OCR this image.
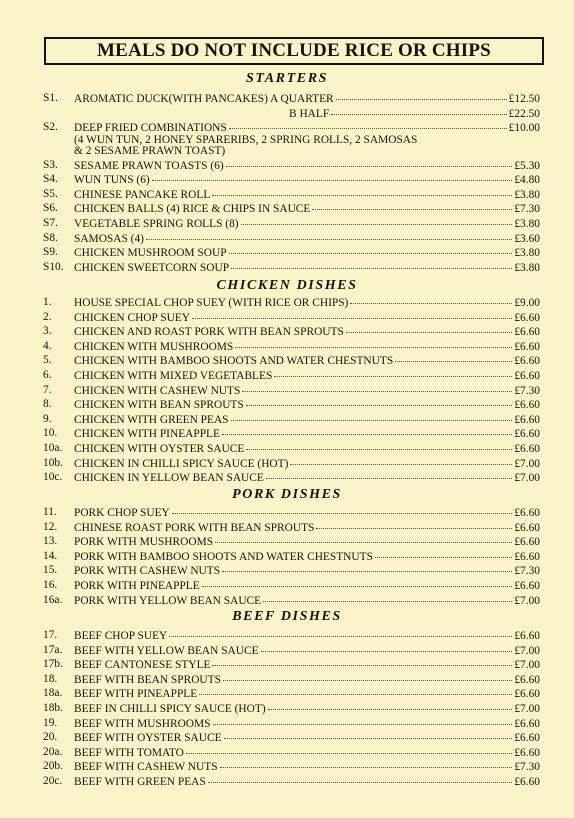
MEALS DO NOT INCLUDE RICE OR CHIPS
STARTERS
S1.	AROMATIC DUCK(WITH PANCAKES) A QUARTER	£12.50
B HALF	£22.50
S2.	DEEP FRIED COMBINATIONS	£10.00
(4 WUN TUN, 2 HONEY SPARERIBS, 2 SPRING ROLLS, 2 SAMOSAS
& 2 SESAME PRAWN TOAST)
S3.	SESAME PRAWN TOASTS (6)	£5.30
S4.	WUN TUNS (6)	£4.80
S5.	CHINESE PANCAKE ROLL	£3.80
S6.	CHICKEN BALLS (4) RICE & CHIPS IN SAUCE	£7.30
S7.	VEGETABLE SPRING ROLLS (8)	£3.80
S8.	SAMOSAS (4)	£3.60
S9.	CHICKEN MUSHROOM SOUP	£3.80
S10. CHICKEN SWEETCORN SOUP	£3.80
CHICKEN DISHES
1.	HOUSE SPECIAL CHOP SUEY (WITH RICE OR CHIPS)	£9.00
2.	CHICKEN CHOP SUEY	£6.60
3.	CHICKEN AND ROAST PORK WITH BEAN SPROUTS	£6.60
4.	CHICKEN WITH MUSHROOMS	£6.60
5.	CHICKEN WITH BAMBOO SHOOTS AND WATER CHESTNUTS	£6.60
6.	CHICKEN WITH MIXED VEGETABLES	£6.60
7.	CHICKEN WITH CASHEW NUTS	£7.30
8.	CHICKEN WITH BEAN SPROUTS	£6.60
9.	CHICKEN WITH GREEN PEAS	£6.60
10.	CHICKEN WITH PINEAPPLE	£6.60
10a.	CHICKEN WITH OYSTER SAUCE	£6.60
10b. CHICKEN IN CHILLI SPICY SAUCE (HOT)	£7.00
10c.	CHICKEN IN YELLOW BEAN SAUCE	£7.00
PORK DISHES
11.	PORK CHOP SUEY	£6.60
12.	CHINESE ROAST PORK WITH BEAN SPROUTS	£6.60
13.	PORK WITH MUSHROOMS	£6.60
14.	PORK WITH BAMBOO SHOOTS AND WATER CHESTNUTS	£6.60
15.	PORK WITH CASHEW NUTS	£7.30
16.	PORK WITH PINEAPPLE	£6.60
16a.	PORK WITH YELLOW BEAN SAUCE	£7.00
BEEF DISHES
17.	BEEF CHOP SUEY	£6.60
17a.	BEEF WITH YELLOW BEAN SAUCE	£7.00
17b. BEEF CANTONESE STYLE	£7.00
18.	BEEF WITH BEAN SPROUTS	£6.60
18a.	BEEF WITH PINEAPPLE	£6.60
18b. BEEF IN CHILLI SPICY SAUCE (HOT)	£7.00
19.	BEEF WITH MUSHROOMS	£6.60
20.	BEEF WITH OYSTER SAUCE	£6.60
20a.	BEEF WITH TOMATO	£6.60
20b. BEEF WITH CASHEW NUTS	£7.30
20c.	BEEF WITH GREEN PEAS	£6.60
